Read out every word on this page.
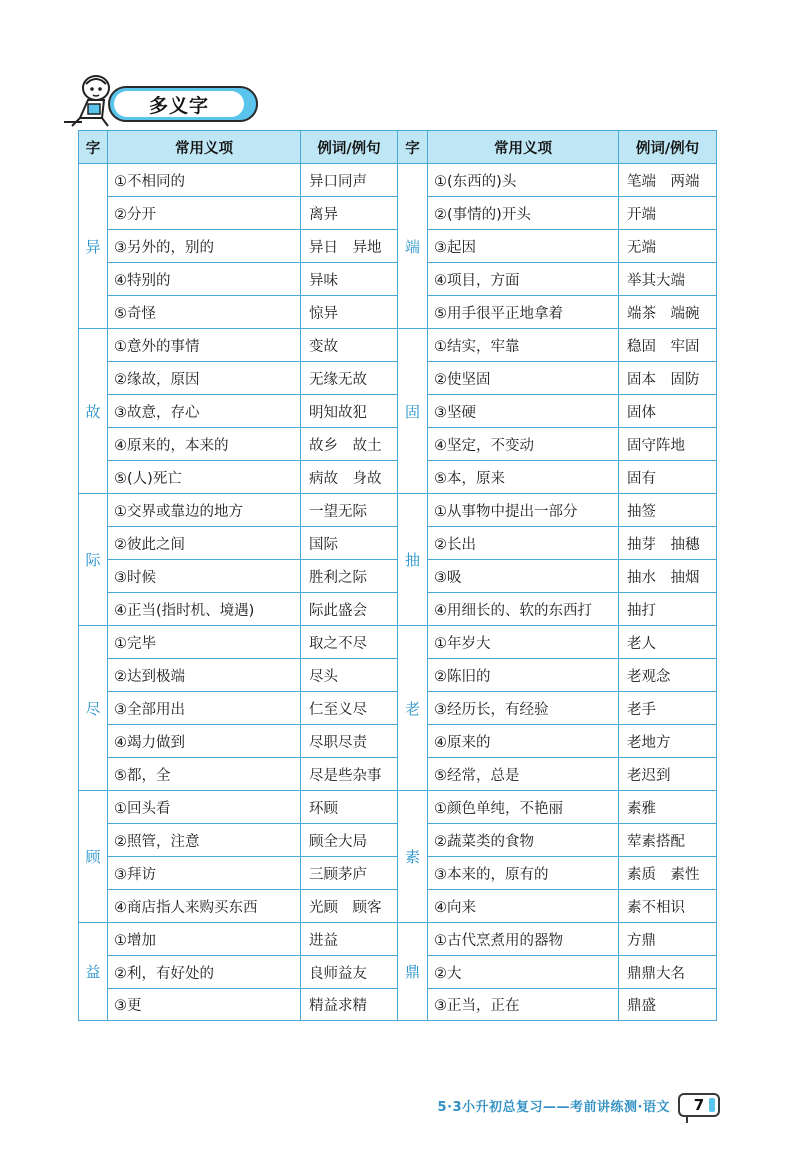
多义字
字	常用义项	例词/例句	字	常用义项	例词/例句
异	①不相同的	异口同声	端	①(东西的)头	笔端　两端
	②分开	离异		②(事情的)开头	开端
	③另外的，别的	异日　异地		③起因	无端
	④特别的	异味		④项目，方面	举其大端
	⑤奇怪	惊异		⑤用手很平正地拿着	端茶　端碗
故	①意外的事情	变故	固	①结实，牢靠	稳固　牢固
	②缘故，原因	无缘无故		②使坚固	固本　固防
	③故意，存心	明知故犯		③坚硬	固体
	④原来的，本来的	故乡　故土		④坚定，不变动	固守阵地
	⑤(人)死亡	病故　身故		⑤本，原来	固有
际	①交界或靠边的地方	一望无际	抽	①从事物中提出一部分	抽签
	②彼此之间	国际		②长出	抽芽　抽穗
	③时候	胜利之际		③吸	抽水　抽烟
	④正当(指时机、境遇)	际此盛会		④用细长的、软的东西打	抽打
尽	①完毕	取之不尽	老	①年岁大	老人
	②达到极端	尽头		②陈旧的	老观念
	③全部用出	仁至义尽		③经历长，有经验	老手
	④竭力做到	尽职尽责		④原来的	老地方
	⑤都，全	尽是些杂事		⑤经常，总是	老迟到
顾	①回头看	环顾	素	①颜色单纯，不艳丽	素雅
	②照管，注意	顾全大局		②蔬菜类的食物	荤素搭配
	③拜访	三顾茅庐		③本来的，原有的	素质　素性
	④商店指人来购买东西	光顾　顾客		④向来	素不相识
益	①增加	进益	鼎	①古代烹煮用的器物	方鼎
	②利，有好处的	良师益友		②大	鼎鼎大名
	③更	精益求精		③正当，正在	鼎盛
5·3小升初总复习——考前讲练测·语文 7
